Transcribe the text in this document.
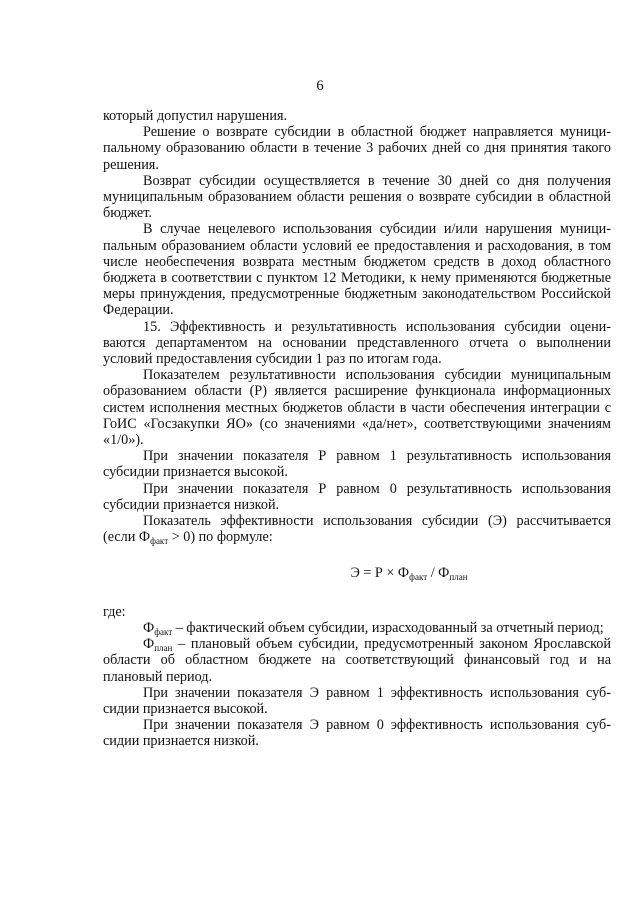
6

который допустил нарушения.

Решение о возврате субсидии в областной бюджет направляется муниципальному образованию области в течение 3 рабочих дней со дня принятия такого решения.

Возврат субсидии осуществляется в течение 30 дней со дня получения муниципальным образованием области решения о возврате субсидии в областной бюджет.

В случае нецелевого использования субсидии и/или нарушения муниципальным образованием области условий ее предоставления и расходования, в том числе необеспечения возврата местным бюджетом средств в доход областного бюджета в соответствии с пунктом 12 Методики, к нему применяются бюджетные меры принуждения, предусмотренные бюджетным законодательством Российской Федерации.

15. Эффективность и результативность использования субсидии оцениваются департаментом на основании представленного отчета о выполнении условий предоставления субсидии 1 раз по итогам года.

Показателем результативности использования субсидии муниципальным образованием области (Р) является расширение функционала информационных систем исполнения местных бюджетов области в части обеспечения интеграции с ГоИС «Госзакупки ЯО» (со значениями «да/нет», соответствующими значениям «1/0»).

При значении показателя Р равном 1 результативность использования субсидии признается высокой.

При значении показателя Р равном 0 результативность использования субсидии признается низкой.

Показатель эффективности использования субсидии (Э) рассчитывается (если $Ф_{факт} > 0$) по формуле:

$Э = Р \times Ф_{факт} / Ф_{план}$

где:

$Ф_{факт}$ – фактический объем субсидии, израсходованный за отчетный период;

$Ф_{план}$ – плановый объем субсидии, предусмотренный законом Ярославской области об областном бюджете на соответствующий финансовый год и на плановый период.

При значении показателя Э равном 1 эффективность использования субсидии признается высокой.

При значении показателя Э равном 0 эффективность использования субсидии признается низкой.
